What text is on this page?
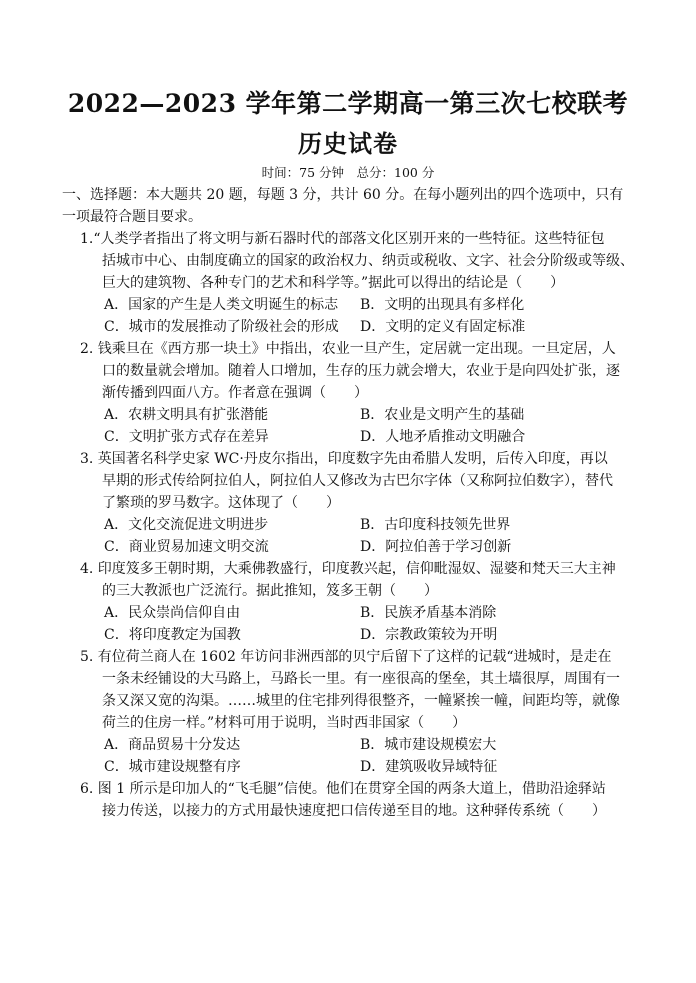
2022—2023 学年第二学期高一第三次七校联考
历史试卷
时间：75 分钟　总分：100 分
一、选择题：本大题共 20 题，每题 3 分，共计 60 分。在每小题列出的四个选项中，只有
一项最符合题目要求。
1.“人类学者指出了将文明与新石器时代的部落文化区别开来的一些特征。这些特征包
括城市中心、由制度确立的国家的政治权力、纳贡或税收、文字、社会分阶级或等级、
巨大的建筑物、各种专门的艺术和科学等。”据此可以得出的结论是（　　）
A．国家的产生是人类文明诞生的标志 B．文明的出现具有多样化
C．城市的发展推动了阶级社会的形成 D．文明的定义有固定标准
2. 钱乘旦在《西方那一块土》中指出，农业一旦产生，定居就一定出现。一旦定居，人
口的数量就会增加。随着人口增加，生存的压力就会增大，农业于是向四处扩张，逐
渐传播到四面八方。作者意在强调（　　）
A．农耕文明具有扩张潜能	B．农业是文明产生的基础
C．文明扩张方式存在差异	D．人地矛盾推动文明融合
3. 英国著名科学史家 WC·丹皮尔指出，印度数字先由希腊人发明，后传入印度，再以
早期的形式传给阿拉伯人，阿拉伯人又修改为古巴尔字体（又称阿拉伯数字），替代
了繁琐的罗马数字。这体现了（　　）
A．文化交流促进文明进步	B．古印度科技领先世界
C．商业贸易加速文明交流	D．阿拉伯善于学习创新
4. 印度笈多王朝时期，大乘佛教盛行，印度教兴起，信仰毗湿奴、湿婆和梵天三大主神
的三大教派也广泛流行。据此推知，笈多王朝（　　）
A．民众崇尚信仰自由	B．民族矛盾基本消除
C．将印度教定为国教	D．宗教政策较为开明
5. 有位荷兰商人在 1602 年访问非洲西部的贝宁后留下了这样的记载“进城时，是走在
一条未经铺设的大马路上，马路长一里。有一座很高的堡垒，其土墙很厚，周围有一
条又深又宽的沟渠。……城里的住宅排列得很整齐，一幢紧挨一幢，间距均等，就像
荷兰的住房一样。”材料可用于说明，当时西非国家（　　）
A．商品贸易十分发达	B．城市建设规模宏大
C．城市建设规整有序	D．建筑吸收异域特征
6. 图 1 所示是印加人的“飞毛腿”信使。他们在贯穿全国的两条大道上，借助沿途驿站
接力传送，以接力的方式用最快速度把口信传递至目的地。这种驿传系统（　　）
